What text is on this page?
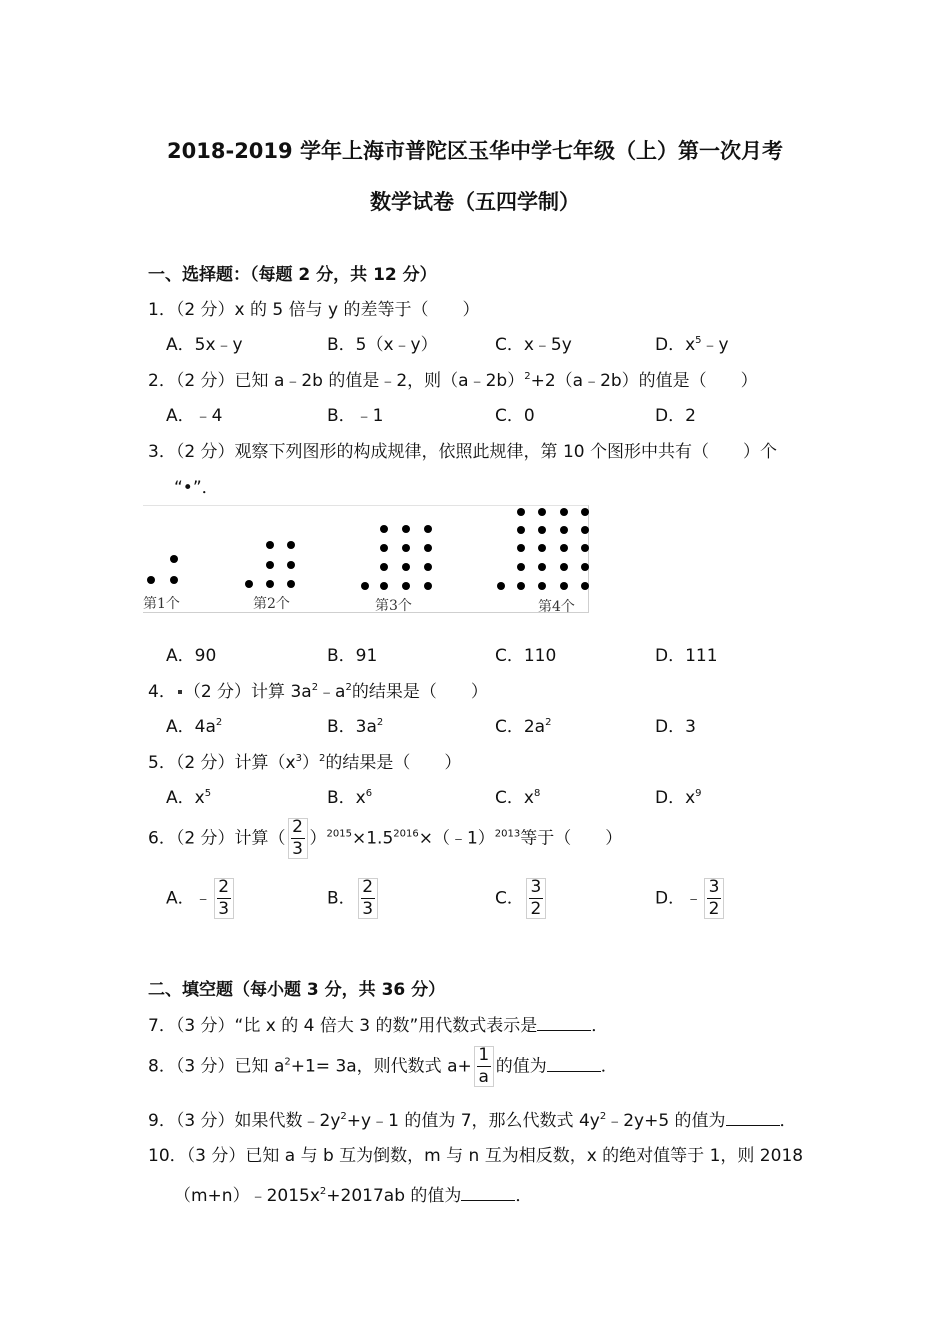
2018-2019 学年上海市普陀区玉华中学七年级（上）第一次月考
数学试卷（五四学制）
一、选择题：（每题 2 分，共 12 分）
1．（2 分）x 的 5 倍与 y 的差等于（　　）
A．5x﹣y	B．5（x﹣y）	C．x﹣5y	D．$x^5﹣y$
2．（2 分）已知 a﹣2b 的值是﹣2，则（a﹣2b）$^2$+2（a﹣2b）的值是（　　）
A．﹣4	B．﹣1	C．0	D．2
3．（2 分）观察下列图形的构成规律，依照此规律，第 10 个图形中共有（　　）个
“•”．
第1个	第2个	第3个	第4个
A．90	B．91	C．110	D．111
4． （2 分）计算 $3a^2﹣a^2$的结果是（　　）
A．$4a^2$	B．$3a^2$	C．$2a^2$	D．3
5．（2 分）计算$(x^3)^2$的结果是（　　）
A．$x^5$	B．$x^6$	C．$x^8$	D．$x^9$
6．（2 分）计算（ $\frac{2}{3}$ ）$^{2015}\times 1.5^{2016}\times(﹣1)^{2013}$等于（　　）
A．﹣ $\frac{2}{3}$	B． $\frac{2}{3}$	C． $\frac{3}{2}$	D．﹣ $\frac{3}{2}$
二、填空题（每小题 3 分，共 36 分）
7．（3 分）“比 x 的 4 倍大 3 的数”用代数式表示是	．
8．（3 分）已知 $a^2+1= 3a$，则代数式 $a+ \frac{1}{a}$ 的值为	．
9．（3 分）如果代数$﹣2y^2+y﹣1$ 的值为 7，那么代数式 $4y^2﹣2y+5$ 的值为	．
10．（3 分）已知 a 与 b 互为倒数，m 与 n 互为相反数，x 的绝对值等于 1，则 2018
$(m+n)﹣2015x^2+2017ab$ 的值为	．
